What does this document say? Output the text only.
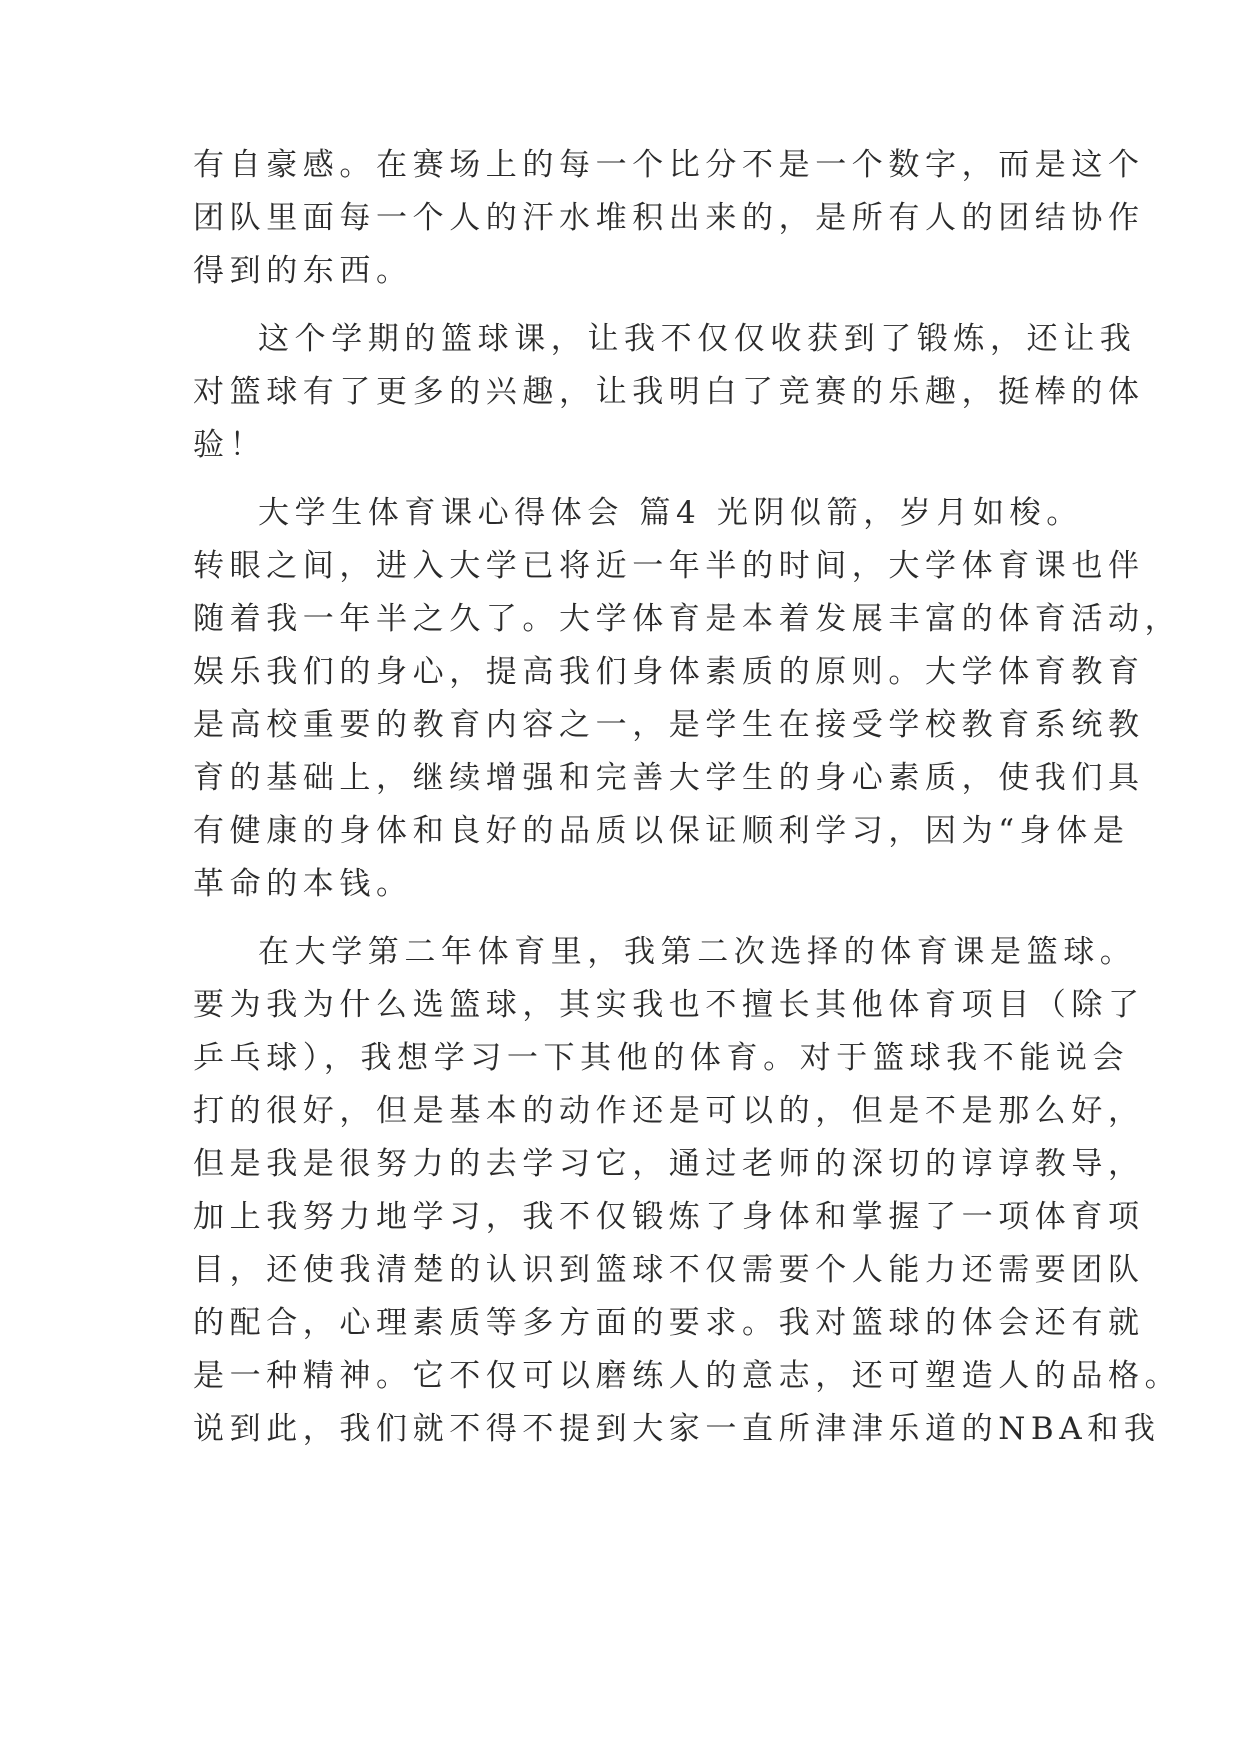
有自豪感。在赛场上的每一个比分不是一个数字，而是这个
团队里面每一个人的汗水堆积出来的，是所有人的团结协作
得到的东西。
这个学期的篮球课，让我不仅仅收获到了锻炼，还让我
对篮球有了更多的兴趣，让我明白了竞赛的乐趣，挺棒的体
验！
大学生体育课心得体会 篇4 光阴似箭，岁月如梭。
转眼之间，进入大学已将近一年半的时间，大学体育课也伴
随着我一年半之久了。大学体育是本着发展丰富的体育活动，
娱乐我们的身心，提高我们身体素质的原则。大学体育教育
是高校重要的教育内容之一，是学生在接受学校教育系统教
育的基础上，继续增强和完善大学生的身心素质，使我们具
有健康的身体和良好的品质以保证顺利学习，因为“身体是
革命的本钱。
在大学第二年体育里，我第二次选择的体育课是篮球。
要为我为什么选篮球，其实我也不擅长其他体育项目（除了
乒乓球），我想学习一下其他的体育。对于篮球我不能说会
打的很好，但是基本的动作还是可以的，但是不是那么好，
但是我是很努力的去学习它，通过老师的深切的谆谆教导，
加上我努力地学习，我不仅锻炼了身体和掌握了一项体育项
目，还使我清楚的认识到篮球不仅需要个人能力还需要团队
的配合，心理素质等多方面的要求。我对篮球的体会还有就
是一种精神。它不仅可以磨练人的意志，还可塑造人的品格。
说到此，我们就不得不提到大家一直所津津乐道的NBA和我
